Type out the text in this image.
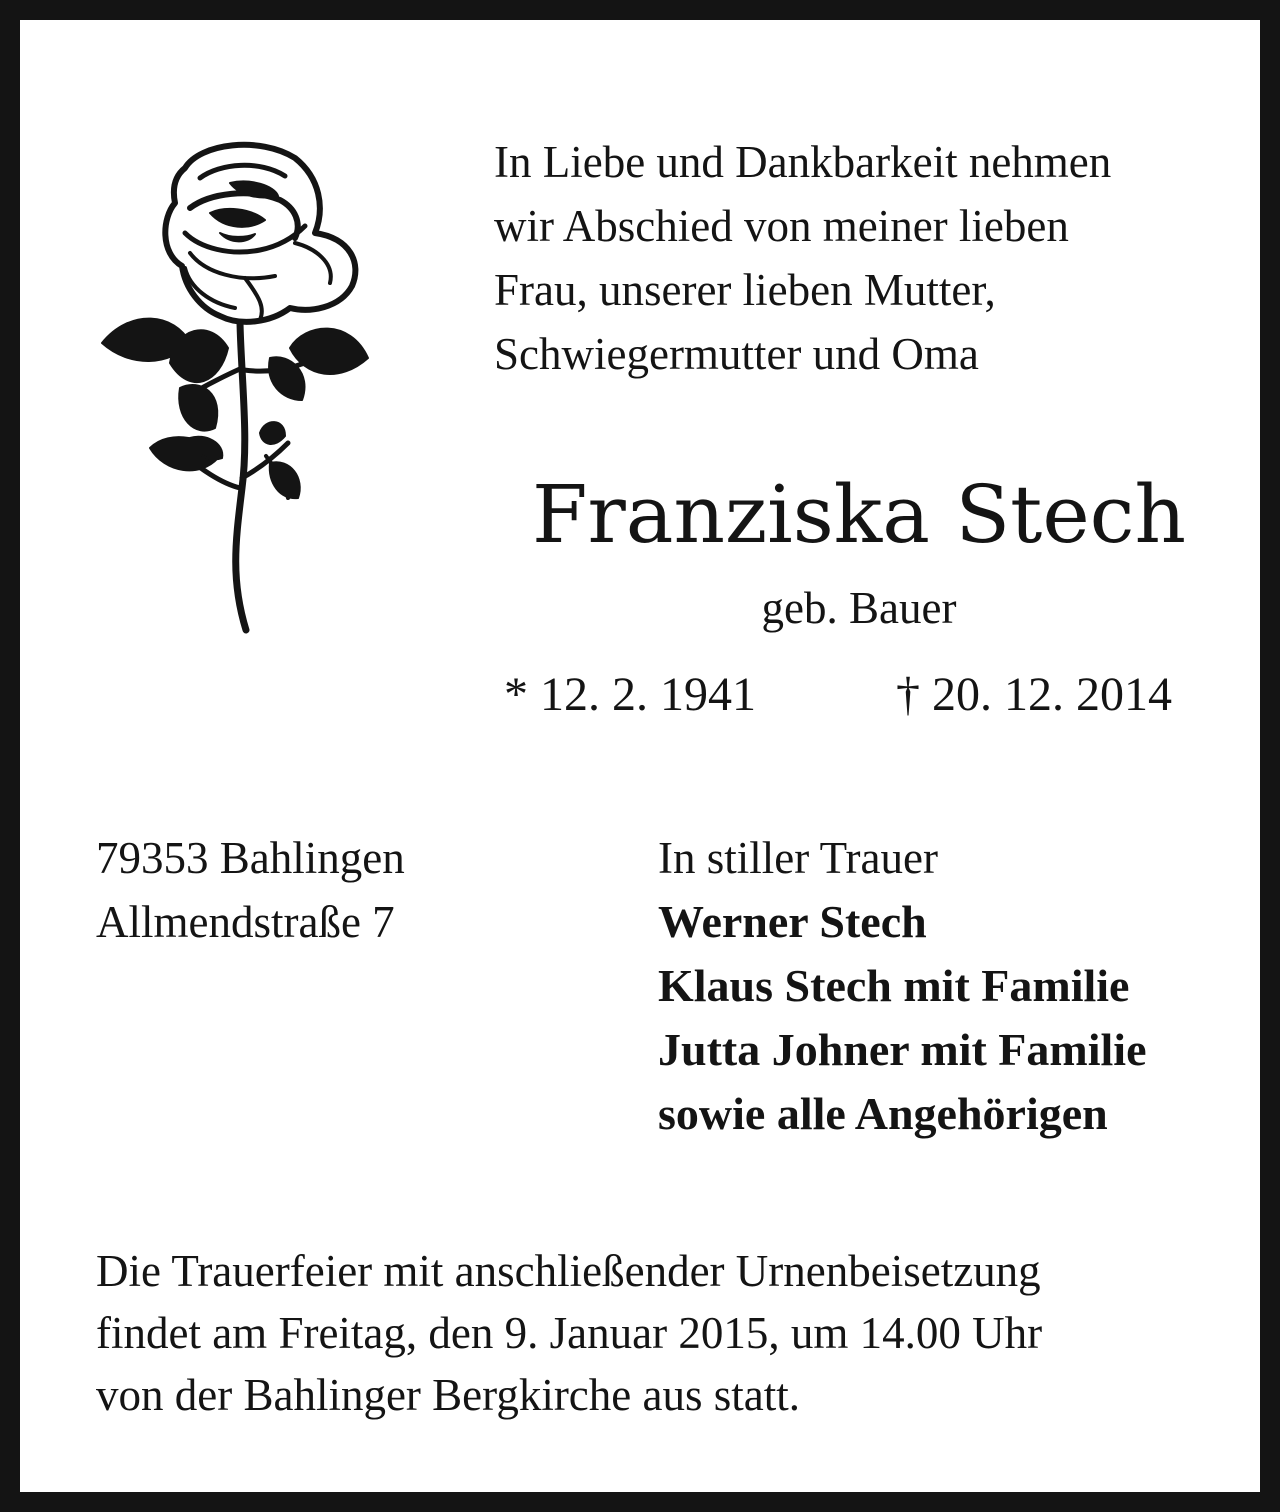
In Liebe und Dankbarkeit nehmen
wir Abschied von meiner lieben
Frau, unserer lieben Mutter,
Schwiegermutter und Oma
Franziska Stech
geb. Bauer
* 12. 2. 1941	† 20. 12. 2014
79353 Bahlingen
Allmendstraße 7
In stiller Trauer
Werner Stech
Klaus Stech mit Familie
Jutta Johner mit Familie
sowie alle Angehörigen
Die Trauerfeier mit anschließender Urnenbeisetzung
findet am Freitag, den 9. Januar 2015, um 14.00 Uhr
von der Bahlinger Bergkirche aus statt.
